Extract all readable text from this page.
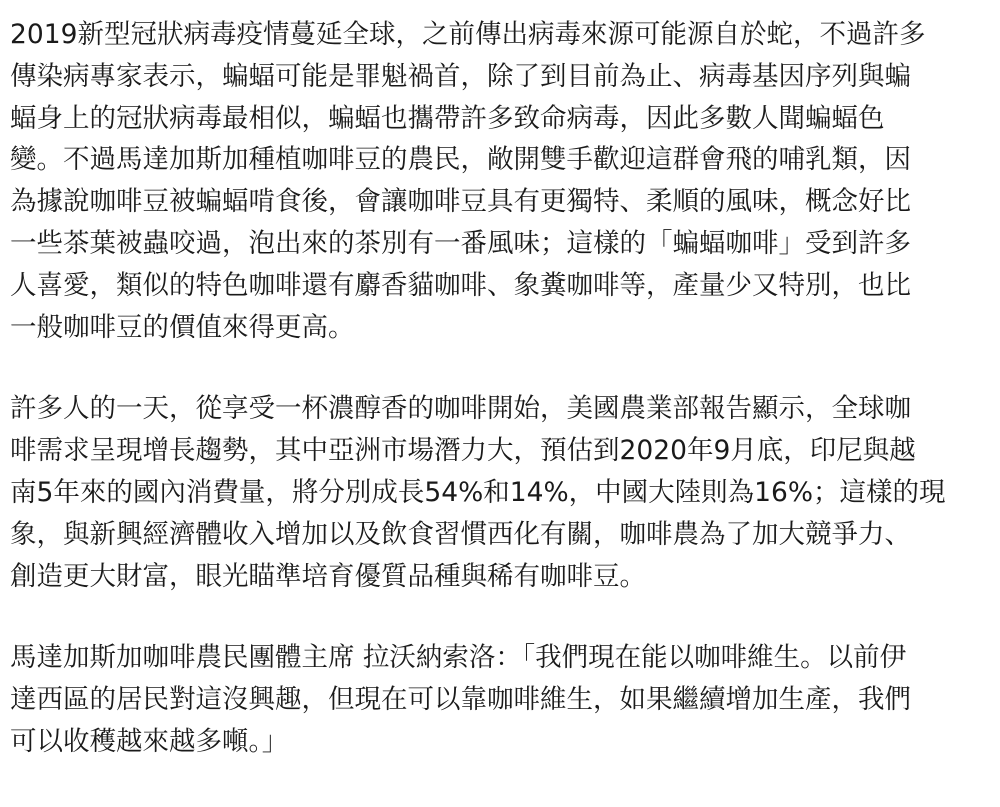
2019新型冠狀病毒疫情蔓延全球，之前傳出病毒來源可能源自於蛇，不過許多
傳染病專家表示，蝙蝠可能是罪魁禍首，除了到目前為止、病毒基因序列與蝙
蝠身上的冠狀病毒最相似，蝙蝠也攜帶許多致命病毒，因此多數人聞蝙蝠色
變。不過馬達加斯加種植咖啡豆的農民，敞開雙手歡迎這群會飛的哺乳類，因
為據說咖啡豆被蝙蝠啃食後，會讓咖啡豆具有更獨特、柔順的風味，概念好比
一些茶葉被蟲咬過，泡出來的茶別有一番風味；這樣的「蝙蝠咖啡」受到許多
人喜愛，類似的特色咖啡還有麝香貓咖啡、象糞咖啡等，產量少又特別，也比
一般咖啡豆的價值來得更高。
許多人的一天，從享受一杯濃醇香的咖啡開始，美國農業部報告顯示，全球咖
啡需求呈現增長趨勢，其中亞洲市場潛力大，預估到2020年9月底，印尼與越
南5年來的國內消費量，將分別成長54%和14%，中國大陸則為16%；這樣的現
象，與新興經濟體收入增加以及飲食習慣西化有關，咖啡農為了加大競爭力、
創造更大財富，眼光瞄準培育優質品種與稀有咖啡豆。
馬達加斯加咖啡農民團體主席 拉沃納索洛：「我們現在能以咖啡維生。以前伊
達西區的居民對這沒興趣，但現在可以靠咖啡維生，如果繼續增加生產，我們
可以收穫越來越多噸。」
